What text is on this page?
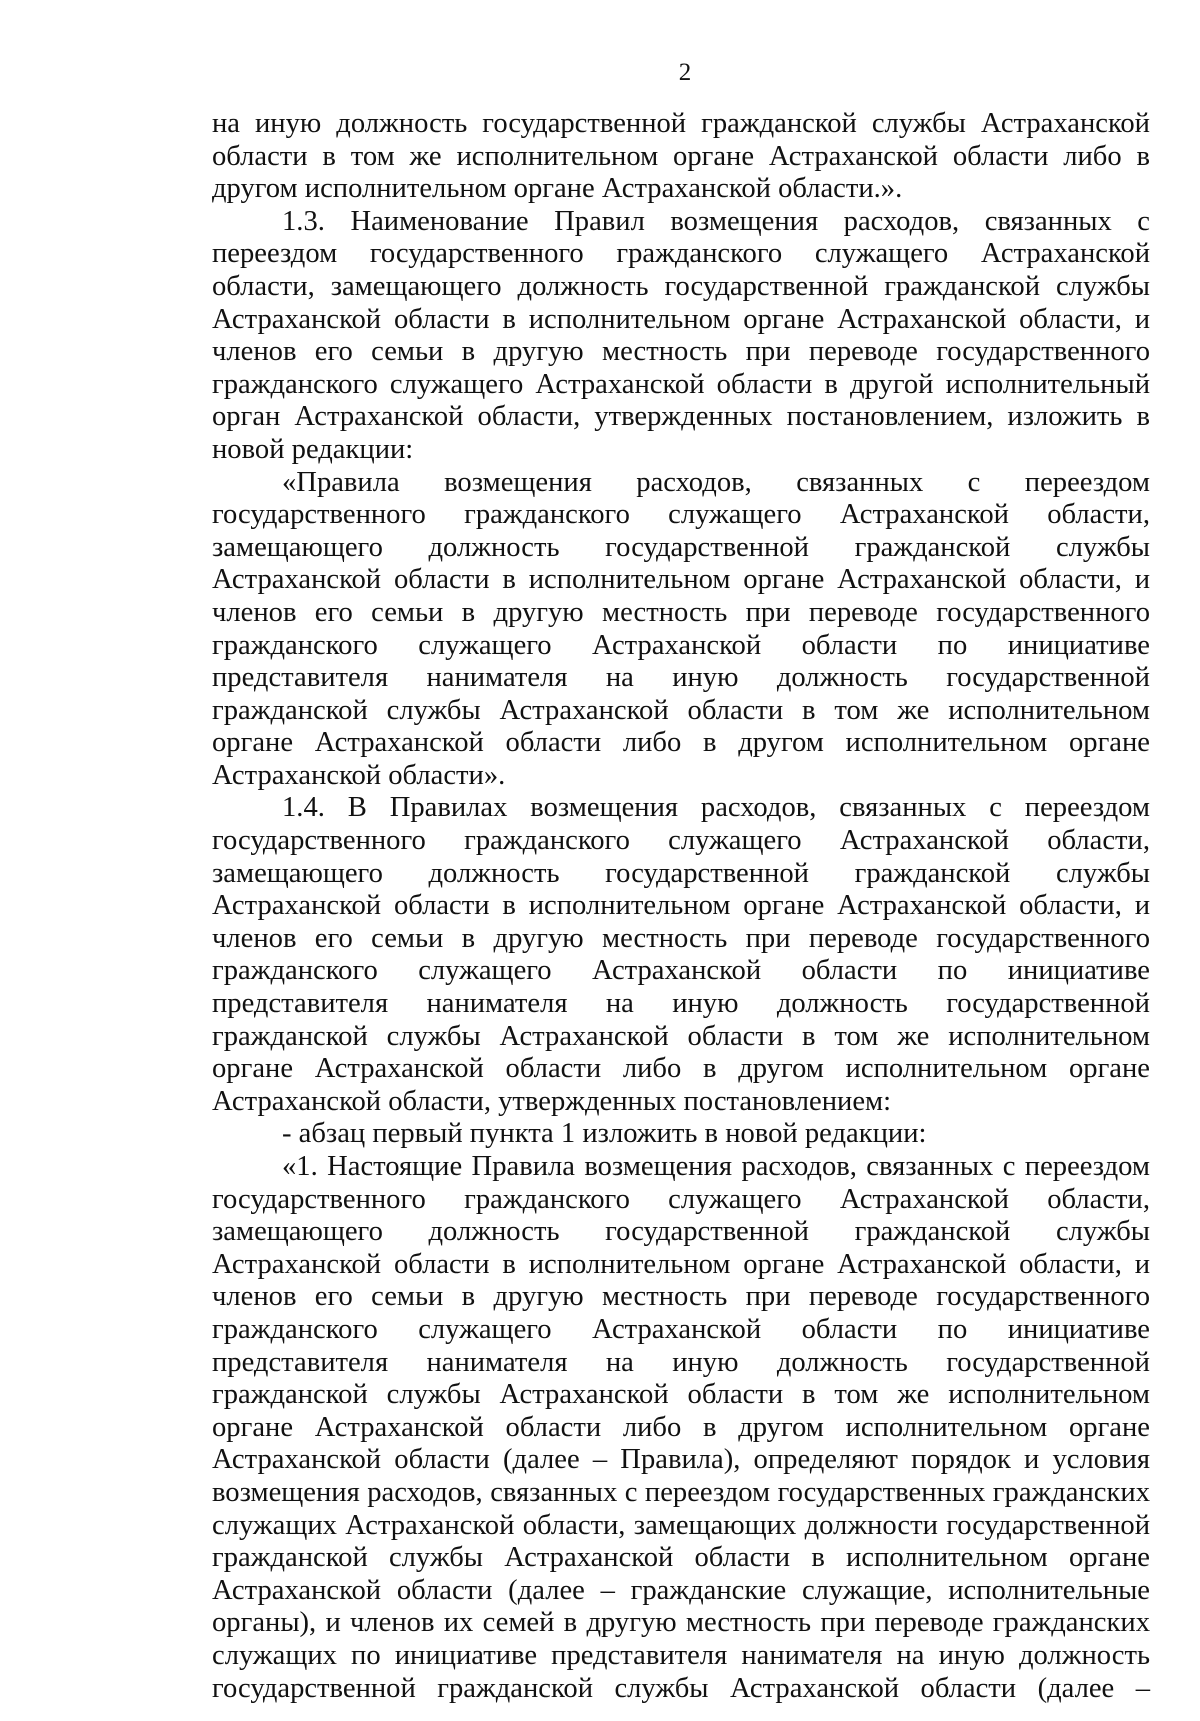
2

на иную должность государственной гражданской службы Астраханской области в том же исполнительном органе Астраханской области либо в другом исполнительном органе Астраханской области.».

1.3. Наименование Правил возмещения расходов, связанных с переездом государственного гражданского служащего Астраханской области, замещающего должность государственной гражданской службы Астраханской области в исполнительном органе Астраханской области, и членов его семьи в другую местность при переводе государственного гражданского служащего Астраханской области в другой исполнительный орган Астраханской области, утвержденных постановлением, изложить в новой редакции:

«Правила возмещения расходов, связанных с переездом государственного гражданского служащего Астраханской области, замещающего должность государственной гражданской службы Астраханской области в исполнительном органе Астраханской области, и членов его семьи в другую местность при переводе государственного гражданского служащего Астраханской области по инициативе представителя нанимателя на иную должность государственной гражданской службы Астраханской области в том же исполнительном органе Астраханской области либо в другом исполнительном органе Астраханской области».

1.4. В Правилах возмещения расходов, связанных с переездом государственного гражданского служащего Астраханской области, замещающего должность государственной гражданской службы Астраханской области в исполнительном органе Астраханской области, и членов его семьи в другую местность при переводе государственного гражданского служащего Астраханской области по инициативе представителя нанимателя на иную должность государственной гражданской службы Астраханской области в том же исполнительном органе Астраханской области либо в другом исполнительном органе Астраханской области, утвержденных постановлением:

- абзац первый пункта 1 изложить в новой редакции:

«1. Настоящие Правила возмещения расходов, связанных с переездом государственного гражданского служащего Астраханской области, замещающего должность государственной гражданской службы Астраханской области в исполнительном органе Астраханской области, и членов его семьи в другую местность при переводе государственного гражданского служащего Астраханской области по инициативе представителя нанимателя на иную должность государственной гражданской службы Астраханской области в том же исполнительном органе Астраханской области либо в другом исполнительном органе Астраханской области (далее – Правила), определяют порядок и условия возмещения расходов, связанных с переездом государственных гражданских служащих Астраханской области, замещающих должности государственной гражданской службы Астраханской области в исполнительном органе Астраханской области (далее – гражданские служащие, исполнительные органы), и членов их семей в другую местность при переводе гражданских служащих по инициативе представителя нанимателя на иную должность государственной гражданской службы Астраханской области (далее –
